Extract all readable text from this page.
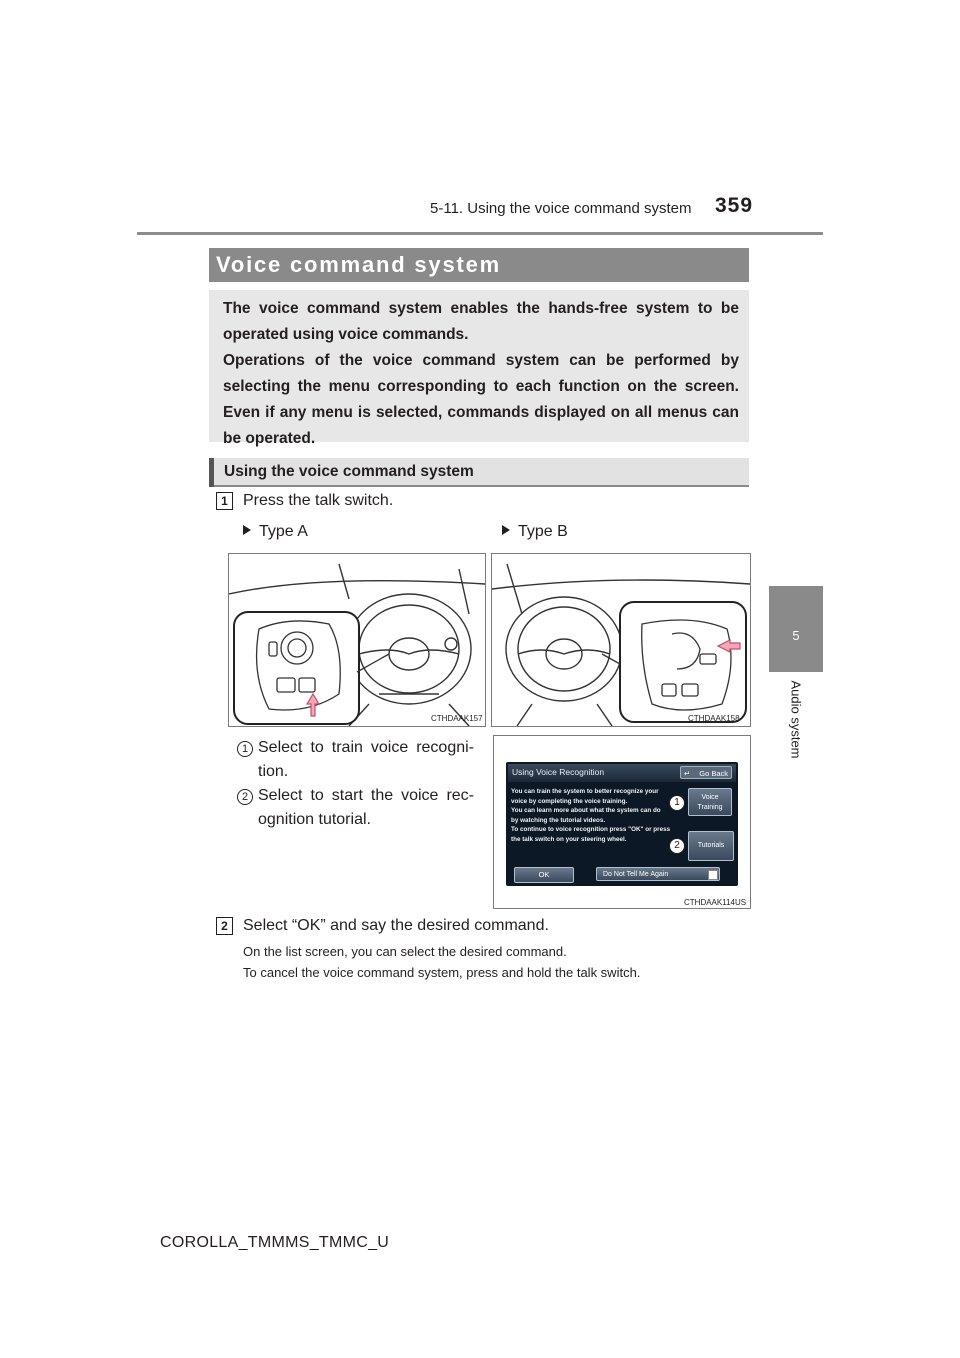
5-11. Using the voice command system 359
5
Audio system
Voice command system

The voice command system enables the hands-free system to be operated using voice commands.

Operations of the voice command system can be performed by selecting the menu corresponding to each function on the screen. Even if any menu is selected, commands displayed on all menus can be operated.

Using the voice command system
1 Press the talk switch.
Type A	Type B
CTHDAAK157	CTHDAAK158
1 Select to train voice recogni-tion.
2 Select to start the voice rec-ognition tutorial.
Using Voice Recognition	↵ Go Back
You can train the system to better recognize your
voice by completing the voice training.
You can learn more about what the system can do
by watching the tutorial videos.
To continue to voice recognition press "OK" or press
the talk switch on your steering wheel.
Voice
Training
Tutorials
OK	Do Not Tell Me Again
1
2
CTHDAAK114US
2 Select “OK” and say the desired command.
On the list screen, you can select the desired command.
To cancel the voice command system, press and hold the talk switch.
COROLLA_TMMMS_TMMC_U
